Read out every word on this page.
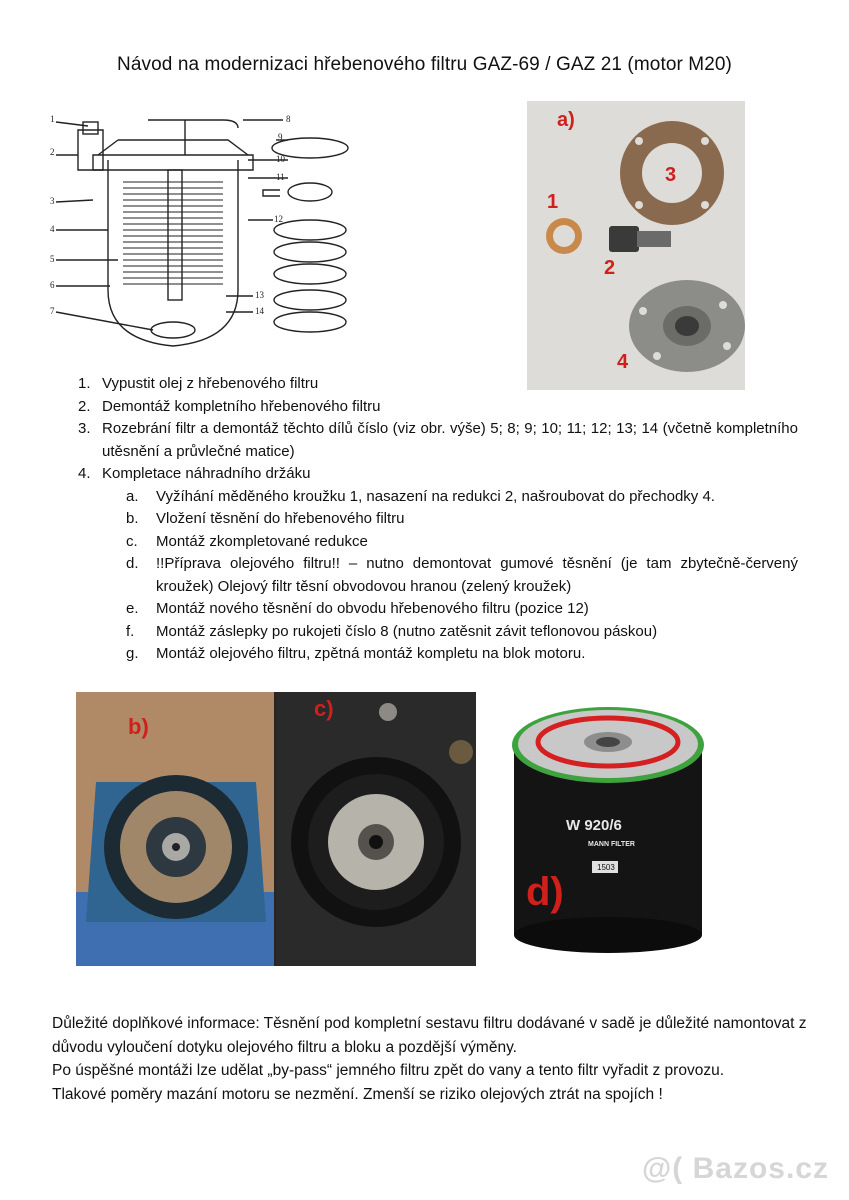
Návod na modernizaci hřebenového filtru GAZ-69 / GAZ 21 (motor M20)
1
2
3
4
5
6
7
8
9
10
11
12
13
14
a)
1
2
3
4
1. Vypustit olej z hřebenového filtru
2. Demontáž kompletního hřebenového filtru
3. Rozebrání filtr a demontáž těchto dílů číslo (viz obr. výše) 5; 8; 9; 10; 11; 12; 13; 14 (včetně kompletního utěsnění a průvlečné matice)
4. Kompletace náhradního držáku
a. Vyžíhání měděného kroužku 1, nasazení na redukci 2, našroubovat do přechodky 4.
b. Vložení těsnění do hřebenového filtru
c. Montáž zkompletované redukce
d. !!Příprava olejového filtru!! – nutno demontovat gumové těsnění (je tam zbytečně-červený kroužek) Olejový filtr těsní obvodovou hranou (zelený kroužek)
e. Montáž nového těsnění do obvodu hřebenového filtru (pozice 12)
f. Montáž záslepky po rukojeti číslo 8 (nutno zatěsnit závit teflonovou páskou)
g. Montáž olejového filtru, zpětná montáž kompletu na blok motoru.
b)
c)
W 920/6
MANN FILTER
1503
d)

Důležité doplňkové informace: Těsnění pod kompletní sestavu filtru dodávané v sadě je důležité namontovat z důvodu vyloučení dotyku olejového filtru a bloku a pozdější výměny.

Po úspěšné montáži lze udělat „by-pass“ jemného filtru zpět do vany a tento filtr vyřadit z provozu.

Tlakové poměry mazání motoru se nezmění. Zmenší se riziko olejových ztrát na spojích !

@( Bazos.cz
